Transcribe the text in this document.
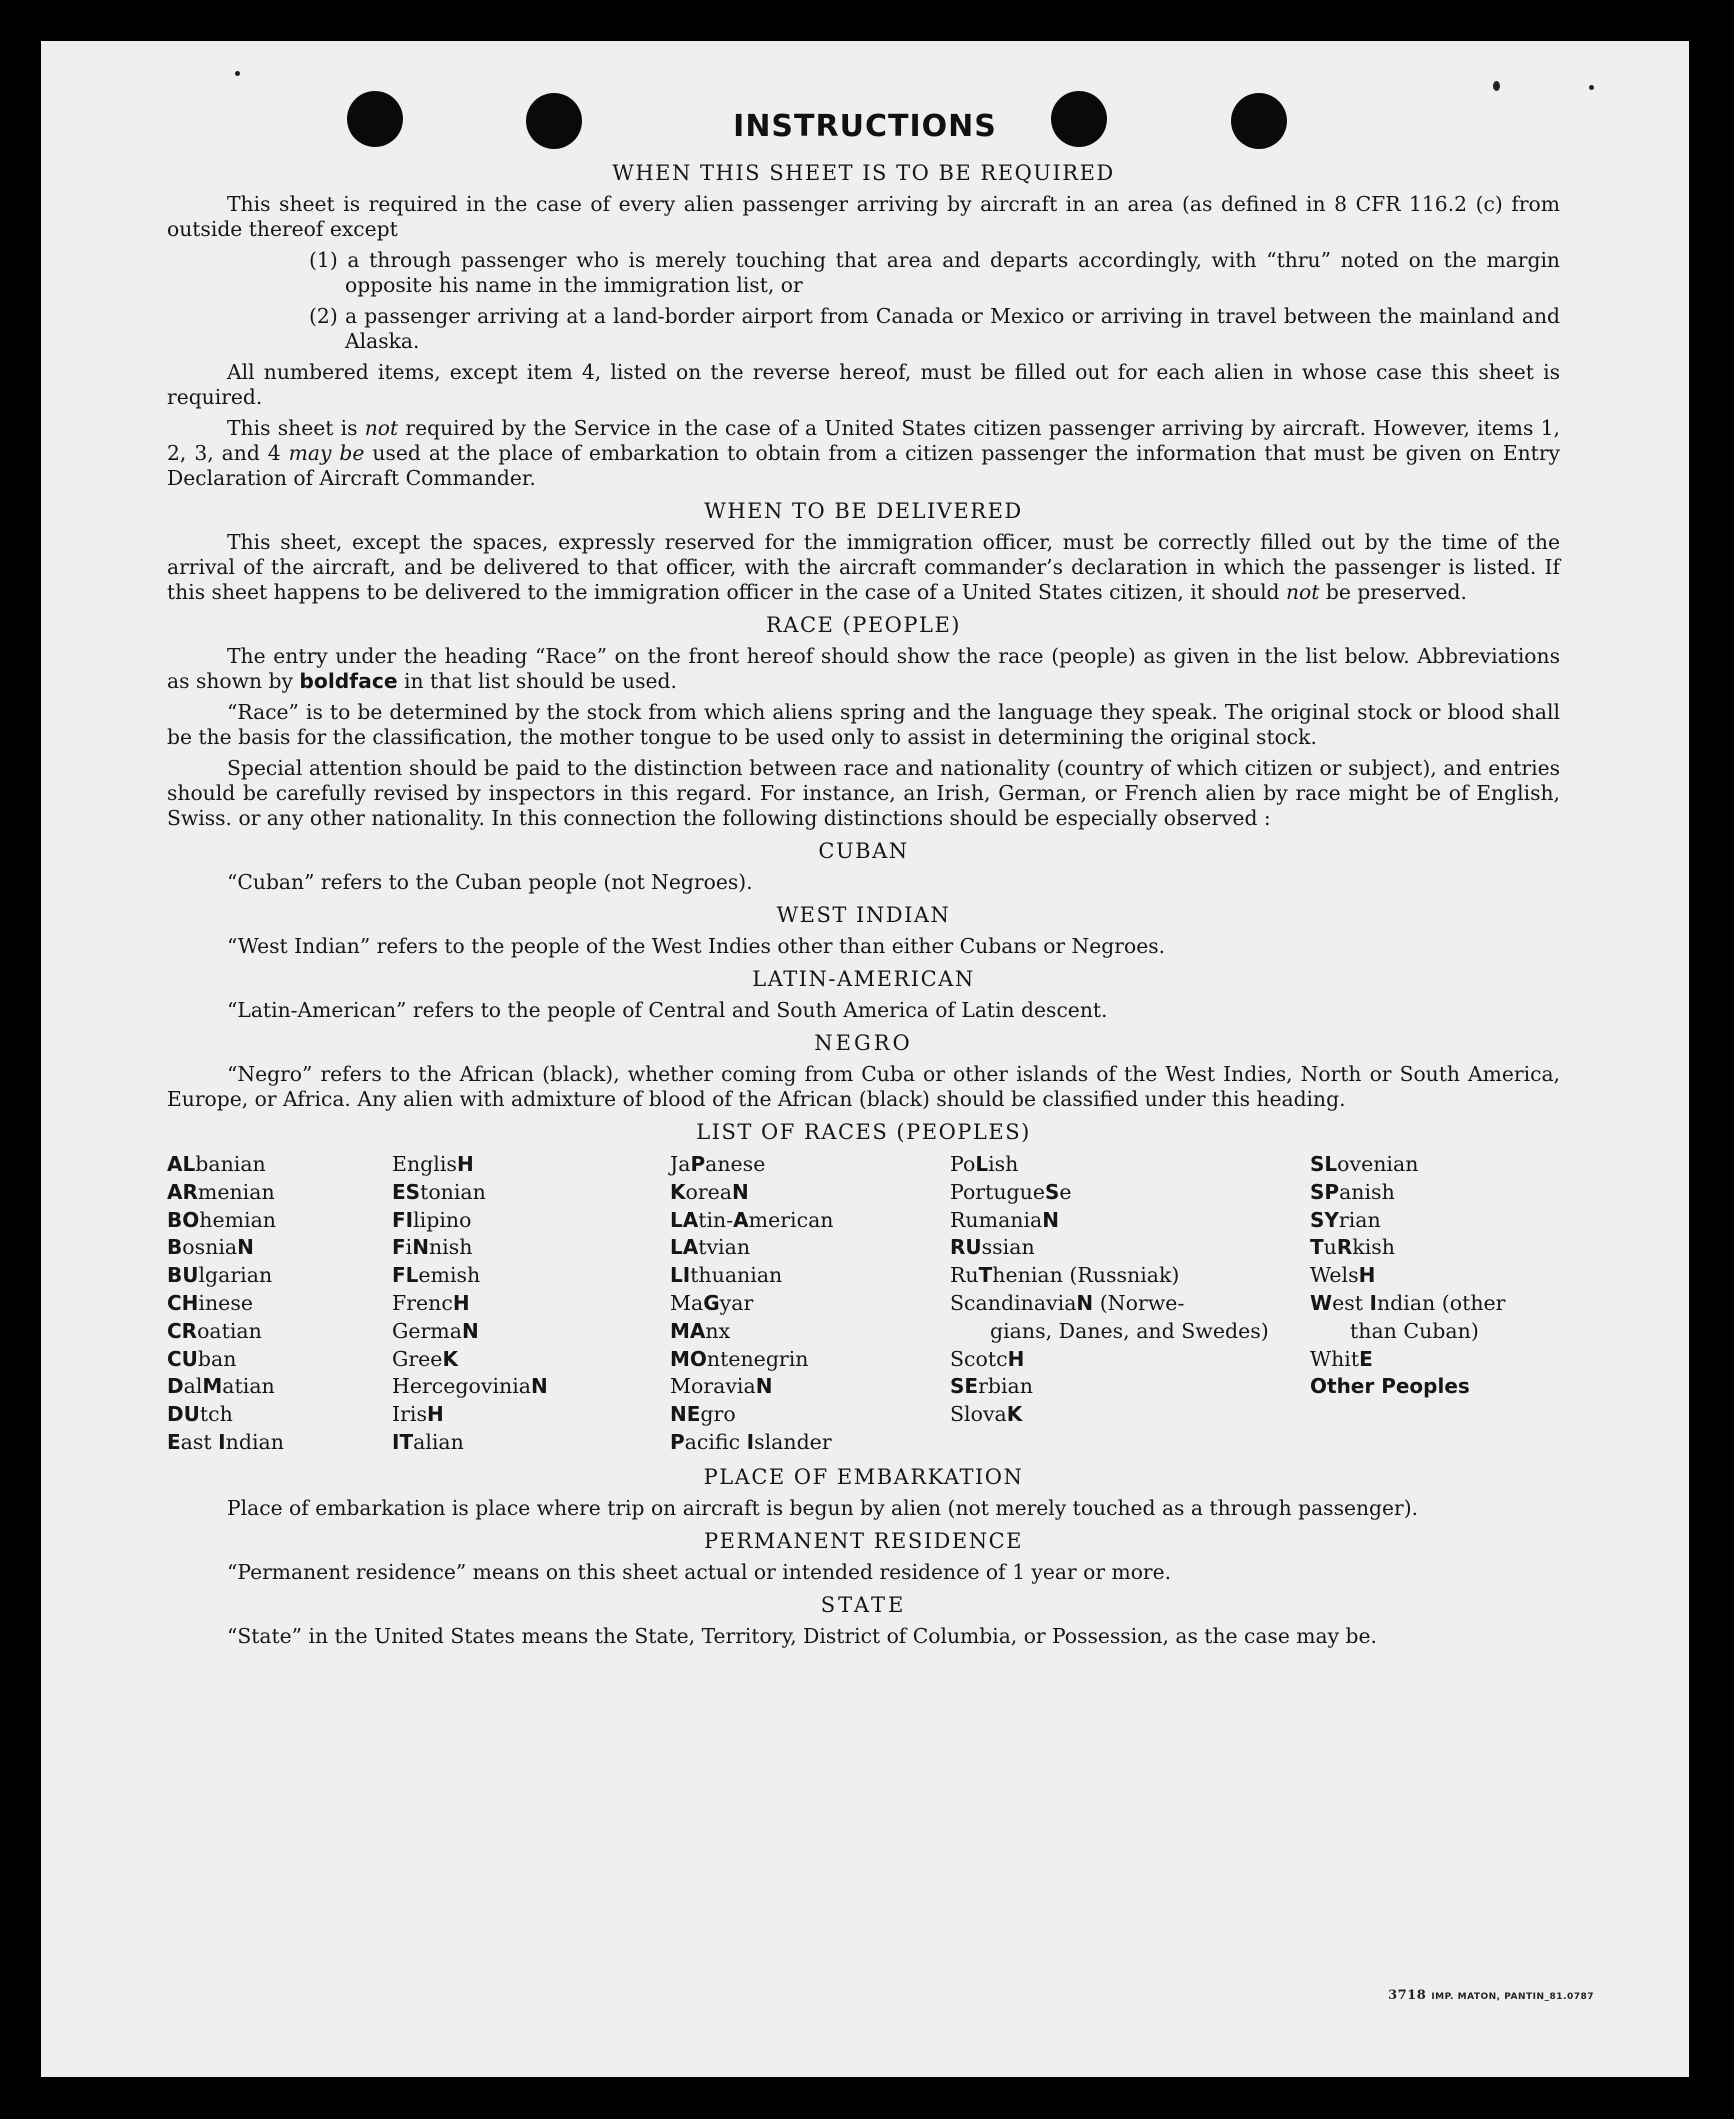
INSTRUCTIONS
WHEN THIS SHEET IS TO BE REQUIRED

This sheet is required in the case of every alien passenger arriving by aircraft in an area (as defined in 8 CFR 116.2 (c) from outside thereof except

(1) a through passenger who is merely touching that area and departs accordingly, with “thru” noted on the margin opposite his name in the immigration list, or

(2) a passenger arriving at a land-border airport from Canada or Mexico or arriving in travel between the mainland and Alaska.

All numbered items, except item 4, listed on the reverse hereof, must be filled out for each alien in whose case this sheet is required.

This sheet is not required by the Service in the case of a United States citizen passenger arriving by aircraft. However, items 1, 2, 3, and 4 may be used at the place of embarkation to obtain from a citizen passenger the information that must be given on Entry Declaration of Aircraft Commander.

WHEN TO BE DELIVERED

This sheet, except the spaces, expressly reserved for the immigration officer, must be correctly filled out by the time of the arrival of the aircraft, and be delivered to that officer, with the aircraft commander’s declaration in which the passenger is listed. If this sheet happens to be delivered to the immigration officer in the case of a United States citizen, it should not be preserved.

RACE (PEOPLE)

The entry under the heading “Race” on the front hereof should show the race (people) as given in the list below. Abbreviations as shown by boldface in that list should be used.

“Race” is to be determined by the stock from which aliens spring and the language they speak. The original stock or blood shall be the basis for the classification, the mother tongue to be used only to assist in determining the original stock.

Special attention should be paid to the distinction between race and nationality (country of which citizen or subject), and entries should be carefully revised by inspectors in this regard. For instance, an Irish, German, or French alien by race might be of English, Swiss. or any other nationality. In this connection the following distinctions should be especially observed :

CUBAN

“Cuban” refers to the Cuban people (not Negroes).

WEST INDIAN

“West Indian” refers to the people of the West Indies other than either Cubans or Negroes.

LATIN-AMERICAN

“Latin-American” refers to the people of Central and South America of Latin descent.

NEGRO

“Negro” refers to the African (black), whether coming from Cuba or other islands of the West Indies, North or South America, Europe, or Africa. Any alien with admixture of blood of the African (black) should be classified under this heading.

LIST OF RACES (PEOPLES)
ALbanian
ARmenian
BOhemian
BosniaN
BUlgarian
CHinese
CRoatian
CUban
DalMatian
DUtch
East Indian
EnglisH
EStonian
FIlipino
FiNnish
FLemish
FrencH
GermaN
GreeK
HercegoviniaN
IrisH
ITalian
JaPanese
KoreaN
LAtin-American
LAtvian
LIthuanian
MaGyar
MAnx
MOntenegrin
MoraviaN
NEgro
Pacific Islander
PoLish
PortugueSe
RumaniaN
RUssian
RuThenian (Russniak)
ScandinaviaN (Norwe-
gians, Danes, and Swedes)
ScotcH
SErbian
SlovaK
SLovenian
SPanish
SYrian
TuRkish
WelsH
West Indian (other
than Cuban)
WhitE
Other Peoples
PLACE OF EMBARKATION

Place of embarkation is place where trip on aircraft is begun by alien (not merely touched as a through passenger).

PERMANENT RESIDENCE

“Permanent residence” means on this sheet actual or intended residence of 1 year or more.

STATE

“State” in the United States means the State, Territory, District of Columbia, or Possession, as the case may be.

3718 IMP. MATON, PANTIN_81.0787
